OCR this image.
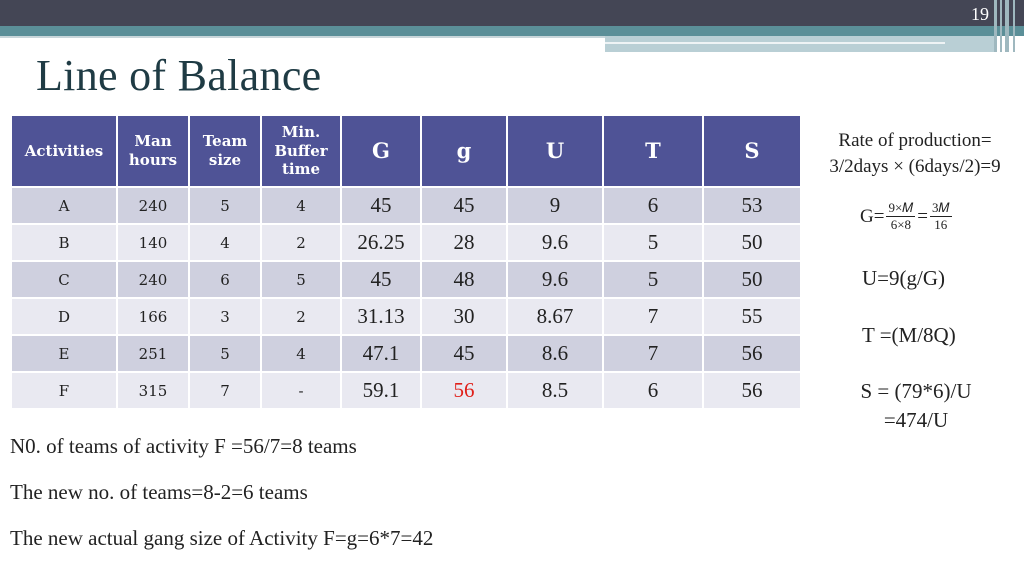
19
Line of Balance
Activities	Man hours	Team size	Min. Buffer time	G	g	U	T	S
A	240	5	4	45	45	9	6	53
B	140	4	2	26.25	28	9.6	5	50
C	240	6	5	45	48	9.6	5	50
D	166	3	2	31.13	30	8.67	7	55
E	251	5	4	47.1	45	8.6	7	56
F	315	7	-	59.1	56	8.5	6	56
Rate of production=
3/2days × (6days/2)=9
$G= \frac{\text{9×𝑀}}{6\times 8} = \frac{\text{3𝑀}}{16}$
U=9(g/G)
T =(M/8Q)
S = (79*6)/U
=474/U
N0. of teams of activity F =56/7=8 teams
The new no. of teams=8-2=6 teams
The new actual gang size of Activity F=g=6*7=42
